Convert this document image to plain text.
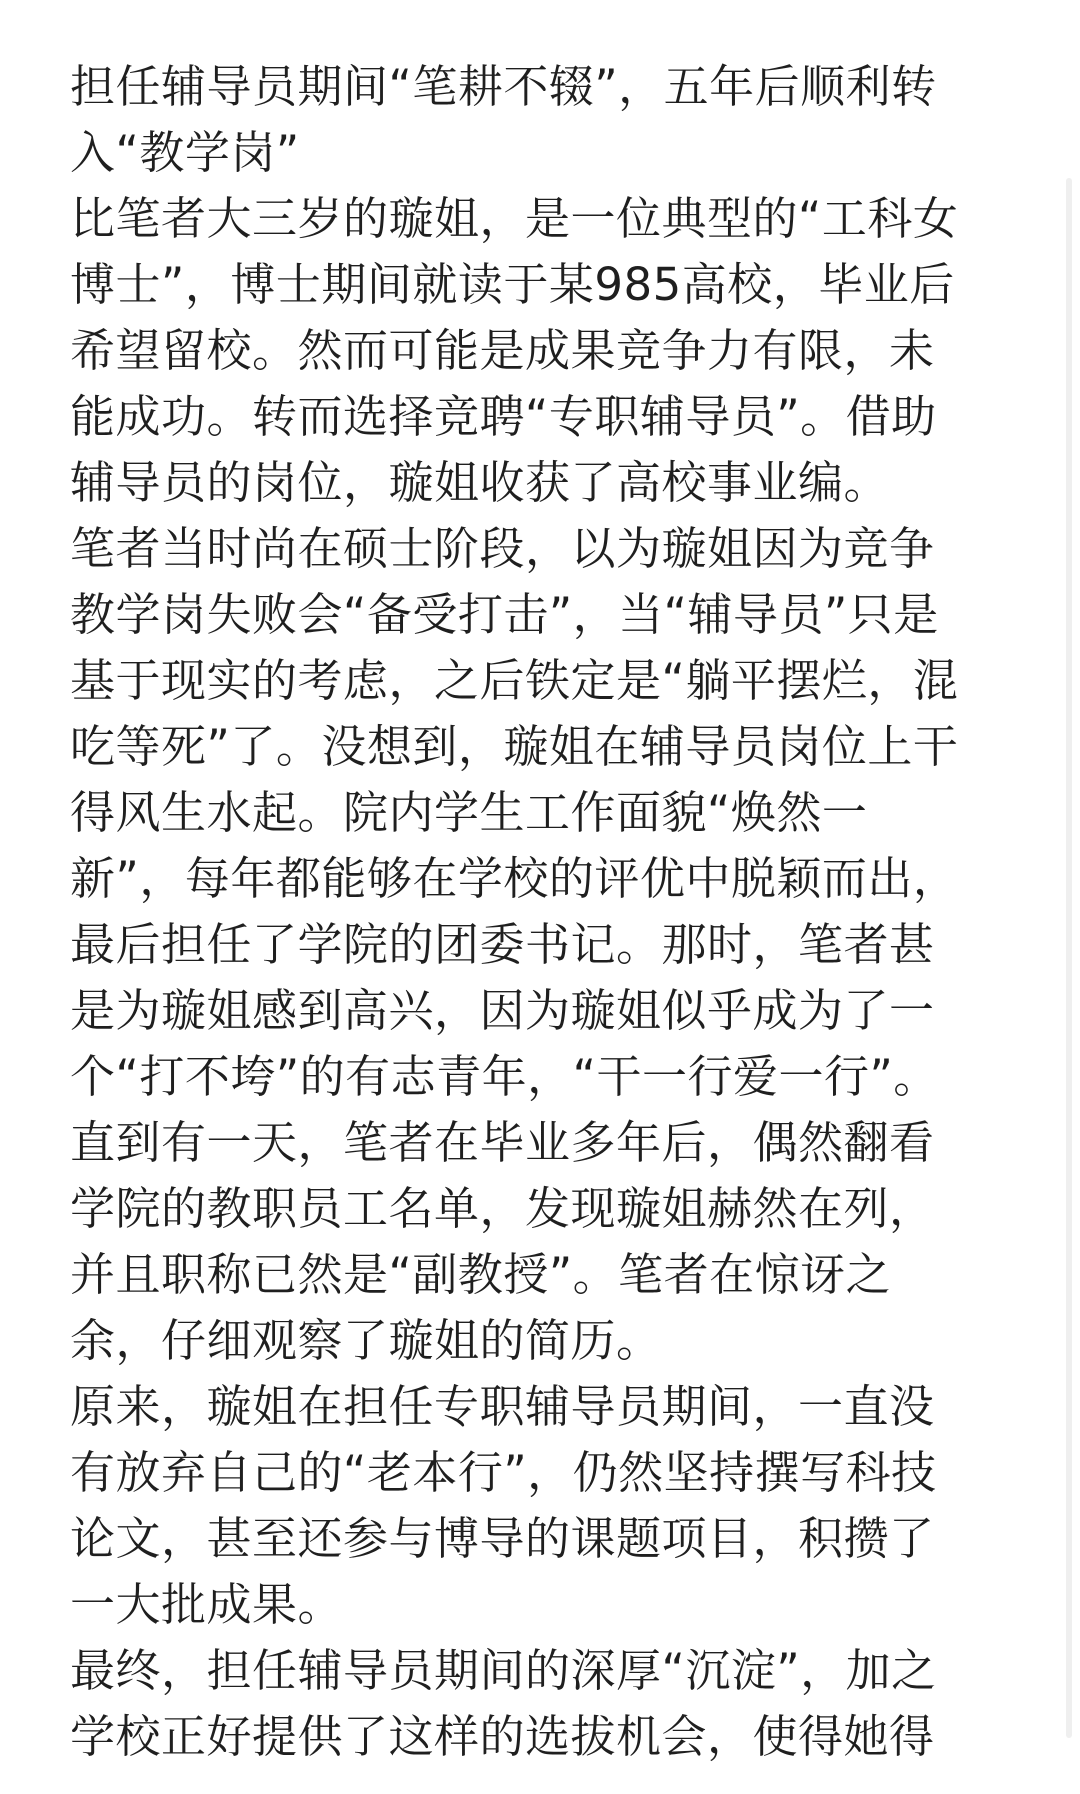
担任辅导员期间“笔耕不辍”，五年后顺利转
入“教学岗”
比笔者大三岁的璇姐，是一位典型的“工科女
博士”，博士期间就读于某985高校，毕业后
希望留校。然而可能是成果竞争力有限，未
能成功。转而选择竞聘“专职辅导员”。借助
辅导员的岗位，璇姐收获了高校事业编。
笔者当时尚在硕士阶段，以为璇姐因为竞争
教学岗失败会“备受打击”，当“辅导员”只是
基于现实的考虑，之后铁定是“躺平摆烂，混
吃等死”了。没想到，璇姐在辅导员岗位上干
得风生水起。院内学生工作面貌“焕然一
新”，每年都能够在学校的评优中脱颖而出，
最后担任了学院的团委书记。那时，笔者甚
是为璇姐感到高兴，因为璇姐似乎成为了一
个“打不垮”的有志青年，“干一行爱一行”。
直到有一天，笔者在毕业多年后，偶然翻看
学院的教职员工名单，发现璇姐赫然在列，
并且职称已然是“副教授”。笔者在惊讶之
余，仔细观察了璇姐的简历。
原来，璇姐在担任专职辅导员期间，一直没
有放弃自己的“老本行”，仍然坚持撰写科技
论文，甚至还参与博导的课题项目，积攒了
一大批成果。
最终，担任辅导员期间的深厚“沉淀”，加之
学校正好提供了这样的选拔机会，使得她得
